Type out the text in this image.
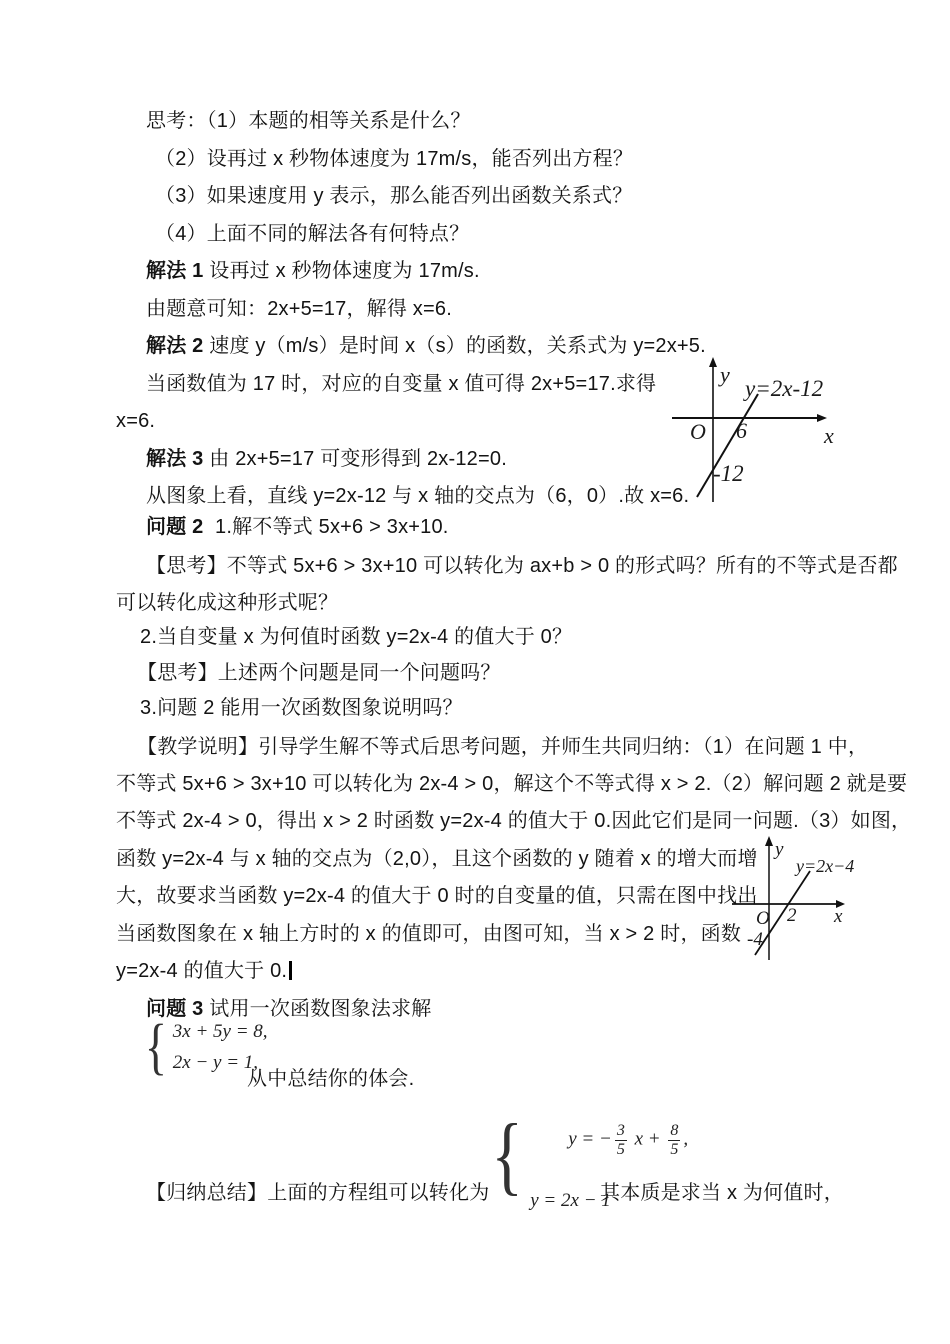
思考：（1）本题的相等关系是什么？
（2）设再过 x 秒物体速度为 17m/s，能否列出方程？
（3）如果速度用 y 表示，那么能否列出函数关系式？
（4）上面不同的解法各有何特点？
解法 1 设再过 x 秒物体速度为 17m/s.
由题意可知：2x+5=17，解得 x=6.
解法 2 速度 y（m/s）是时间 x（s）的函数，关系式为 y=2x+5.
当函数值为 17 时，对应的自变量 x 值可得 2x+5=17.求得
x=6.
解法 3 由 2x+5=17 可变形得到 2x-12=0.
从图象上看，直线 y=2x-12 与 x 轴的交点为（6，0）.故 x=6.
问题 2  1.解不等式 5x+6 > 3x+10.
【思考】不等式 5x+6 > 3x+10 可以转化为 ax+b > 0 的形式吗？所有的不等式是否都
可以转化成这种形式呢？
2.当自变量 x 为何值时函数 y=2x-4 的值大于 0？
【思考】上述两个问题是同一个问题吗？
3.问题 2 能用一次函数图象说明吗？
【教学说明】引导学生解不等式后思考问题，并师生共同归纳：（1）在问题 1 中，
不等式 5x+6 > 3x+10 可以转化为 2x-4 > 0，解这个不等式得 x > 2.（2）解问题 2 就是要
不等式 2x-4 > 0，得出 x > 2 时函数 y=2x-4 的值大于 0.因此它们是同一问题.（3）如图，
函数 y=2x-4 与 x 轴的交点为（2,0），且这个函数的 y 随着 x 的增大而增
大，故要求当函数 y=2x-4 的值大于 0 时的自变量的值，只需在图中找出
当函数图象在 x 轴上方时的 x 的值即可，由图可知，当 x > 2 时，函数
y=2x-4 的值大于 0.
问题 3 试用一次函数图象法求解
y
x
O 6
-12
y=2x-12
y
x
O 2
-4
y=2x−4
{ 3x + 5y = 8,
2x − y = 1,
从中总结你的体会.
{	y = − $\frac{3}{5}$ $x + \frac{8}{5}$ ,

y = 2x − 1
【归纳总结】上面的方程组可以转化为	其本质是求当 x 为何值时，
